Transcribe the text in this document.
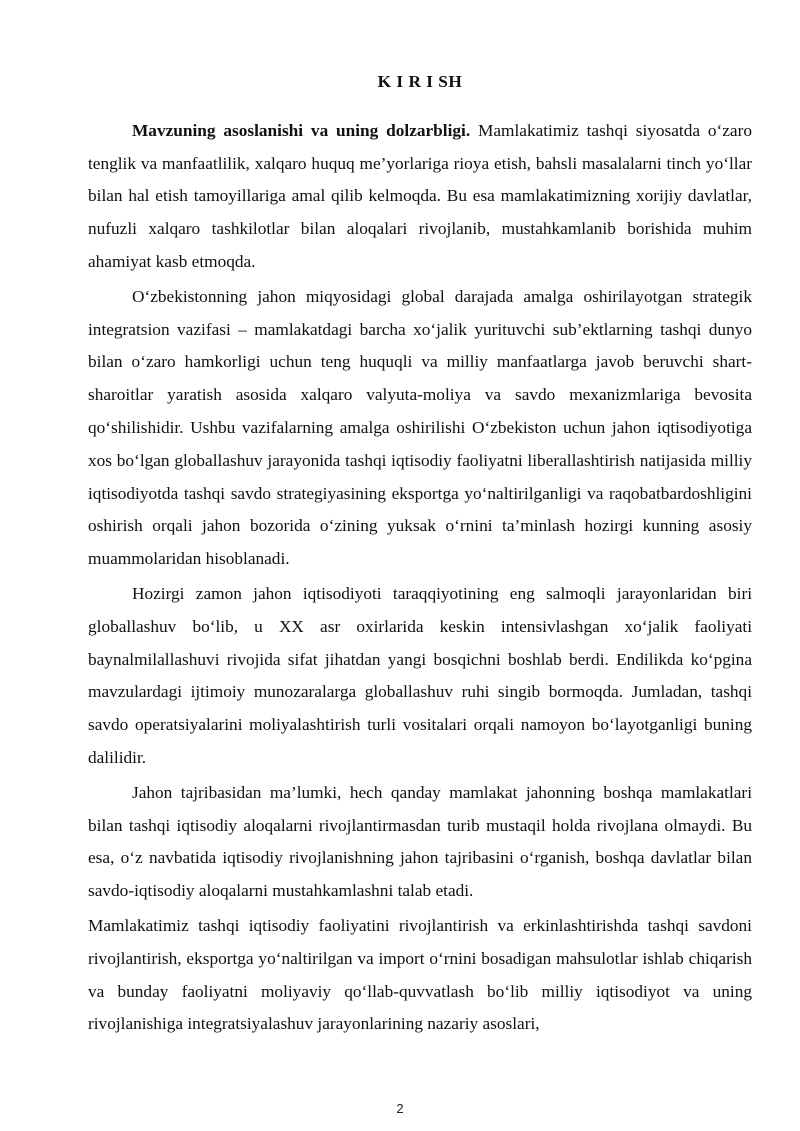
K I R I SH

Mavzuning asoslanishi va uning dolzarbligi. Mamlakatimiz tashqi siyosatda o‘zaro tenglik va manfaatlilik, xalqaro huquq me’yorlariga rioya etish, bahsli masalalarni tinch yo‘llar bilan hal etish tamoyillariga amal qilib kelmoqda. Bu esa mamlakatimizning xorijiy davlatlar, nufuzli xalqaro tashkilotlar bilan aloqalari rivojlanib, mustahkamlanib borishida muhim ahamiyat kasb etmoqda.

O‘zbekistonning jahon miqyosidagi global darajada amalga oshirilayotgan strategik integratsion vazifasi – mamlakatdagi barcha xo‘jalik yurituvchi sub’ektlarning tashqi dunyo bilan o‘zaro hamkorligi uchun teng huquqli va milliy manfaatlarga javob beruvchi shart-sharoitlar yaratish asosida xalqaro valyuta-moliya va savdo mexanizmlariga bevosita qo‘shilishidir. Ushbu vazifalarning amalga oshirilishi O‘zbekiston uchun jahon iqtisodiyotiga xos bo‘lgan globallashuv jarayonida tashqi iqtisodiy faoliyatni liberallashtirish natijasida milliy iqtisodiyotda tashqi savdo strategiyasining eksportga yo‘naltirilganligi va raqobatbardoshligini oshirish orqali jahon bozorida o‘zining yuksak o‘rnini ta’minlash hozirgi kunning asosiy muammolaridan hisoblanadi.

Hozirgi zamon jahon iqtisodiyoti taraqqiyotining eng salmoqli jarayonlaridan biri globallashuv bo‘lib, u XX asr oxirlarida keskin intensivlashgan xo‘jalik faoliyati baynalmilallashuvi rivojida sifat jihatdan yangi bosqichni boshlab berdi. Endilikda ko‘pgina mavzulardagi ijtimoiy munozaralarga globallashuv ruhi singib bormoqda. Jumladan, tashqi savdo operatsiyalarini moliyalashtirish turli vositalari orqali namoyon bo‘layotganligi buning dalilidir.

Jahon tajribasidan ma’lumki, hech qanday mamlakat jahonning boshqa mamlakatlari bilan tashqi iqtisodiy aloqalarni rivojlantirmasdan turib mustaqil holda rivojlana olmaydi. Bu esa, o‘z navbatida iqtisodiy rivojlanishning jahon tajribasini o‘rganish, boshqa davlatlar bilan savdo-iqtisodiy aloqalarni mustahkamlashni talab etadi.

Mamlakatimiz tashqi iqtisodiy faoliyatini rivojlantirish va erkinlashtirishda tashqi savdoni rivojlantirish, eksportga yo‘naltirilgan va import o‘rnini bosadigan mahsulotlar ishlab chiqarish va bunday faoliyatni moliyaviy qo‘llab-quvvatlash bo‘lib milliy iqtisodiyot va uning rivojlanishiga integratsiyalashuv jarayonlarining nazariy asoslari,

2
